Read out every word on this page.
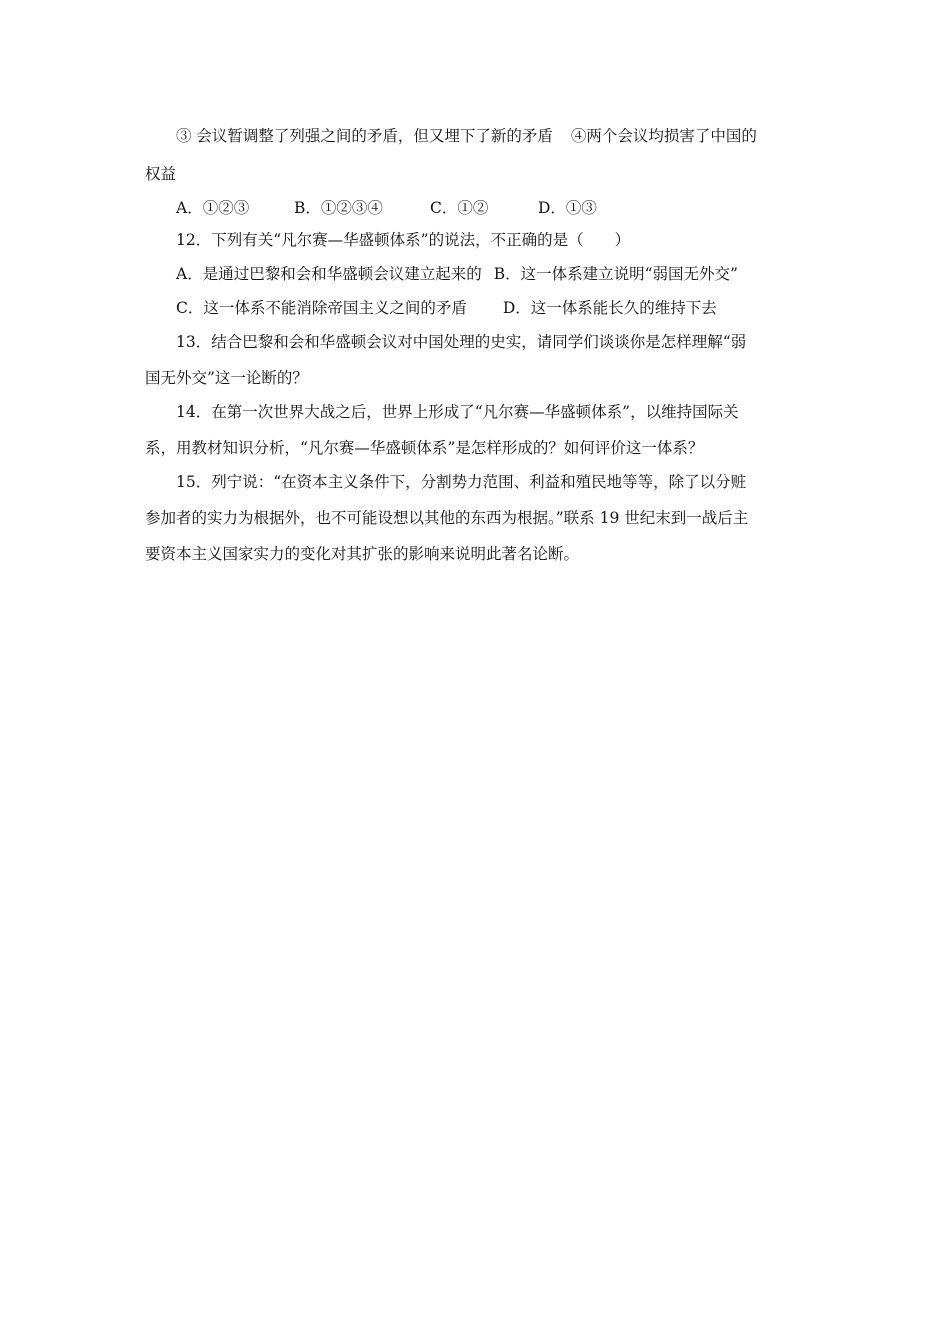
③ 会议暂调整了列强之间的矛盾，但又埋下了新的矛盾 ④两个会议均损害了中国的
权益
A．①②③	B．①②③④	C．①②	D．①③
12．下列有关“凡尔赛—华盛顿体系”的说法，不正确的是（　　）
A．是通过巴黎和会和华盛顿会议建立起来的 B．这一体系建立说明“弱国无外交”
C．这一体系不能消除帝国主义之间的矛盾 D．这一体系能长久的维持下去
13．结合巴黎和会和华盛顿会议对中国处理的史实，请同学们谈谈你是怎样理解“弱
国无外交”这一论断的？
14．在第一次世界大战之后，世界上形成了“凡尔赛—华盛顿体系”，以维持国际关
系，用教材知识分析，“凡尔赛—华盛顿体系”是怎样形成的？如何评价这一体系？
15．列宁说：“在资本主义条件下，分割势力范围、利益和殖民地等等，除了以分赃
参加者的实力为根据外，也不可能设想以其他的东西为根据。”联系 19 世纪末到一战后主
要资本主义国家实力的变化对其扩张的影响来说明此著名论断。
